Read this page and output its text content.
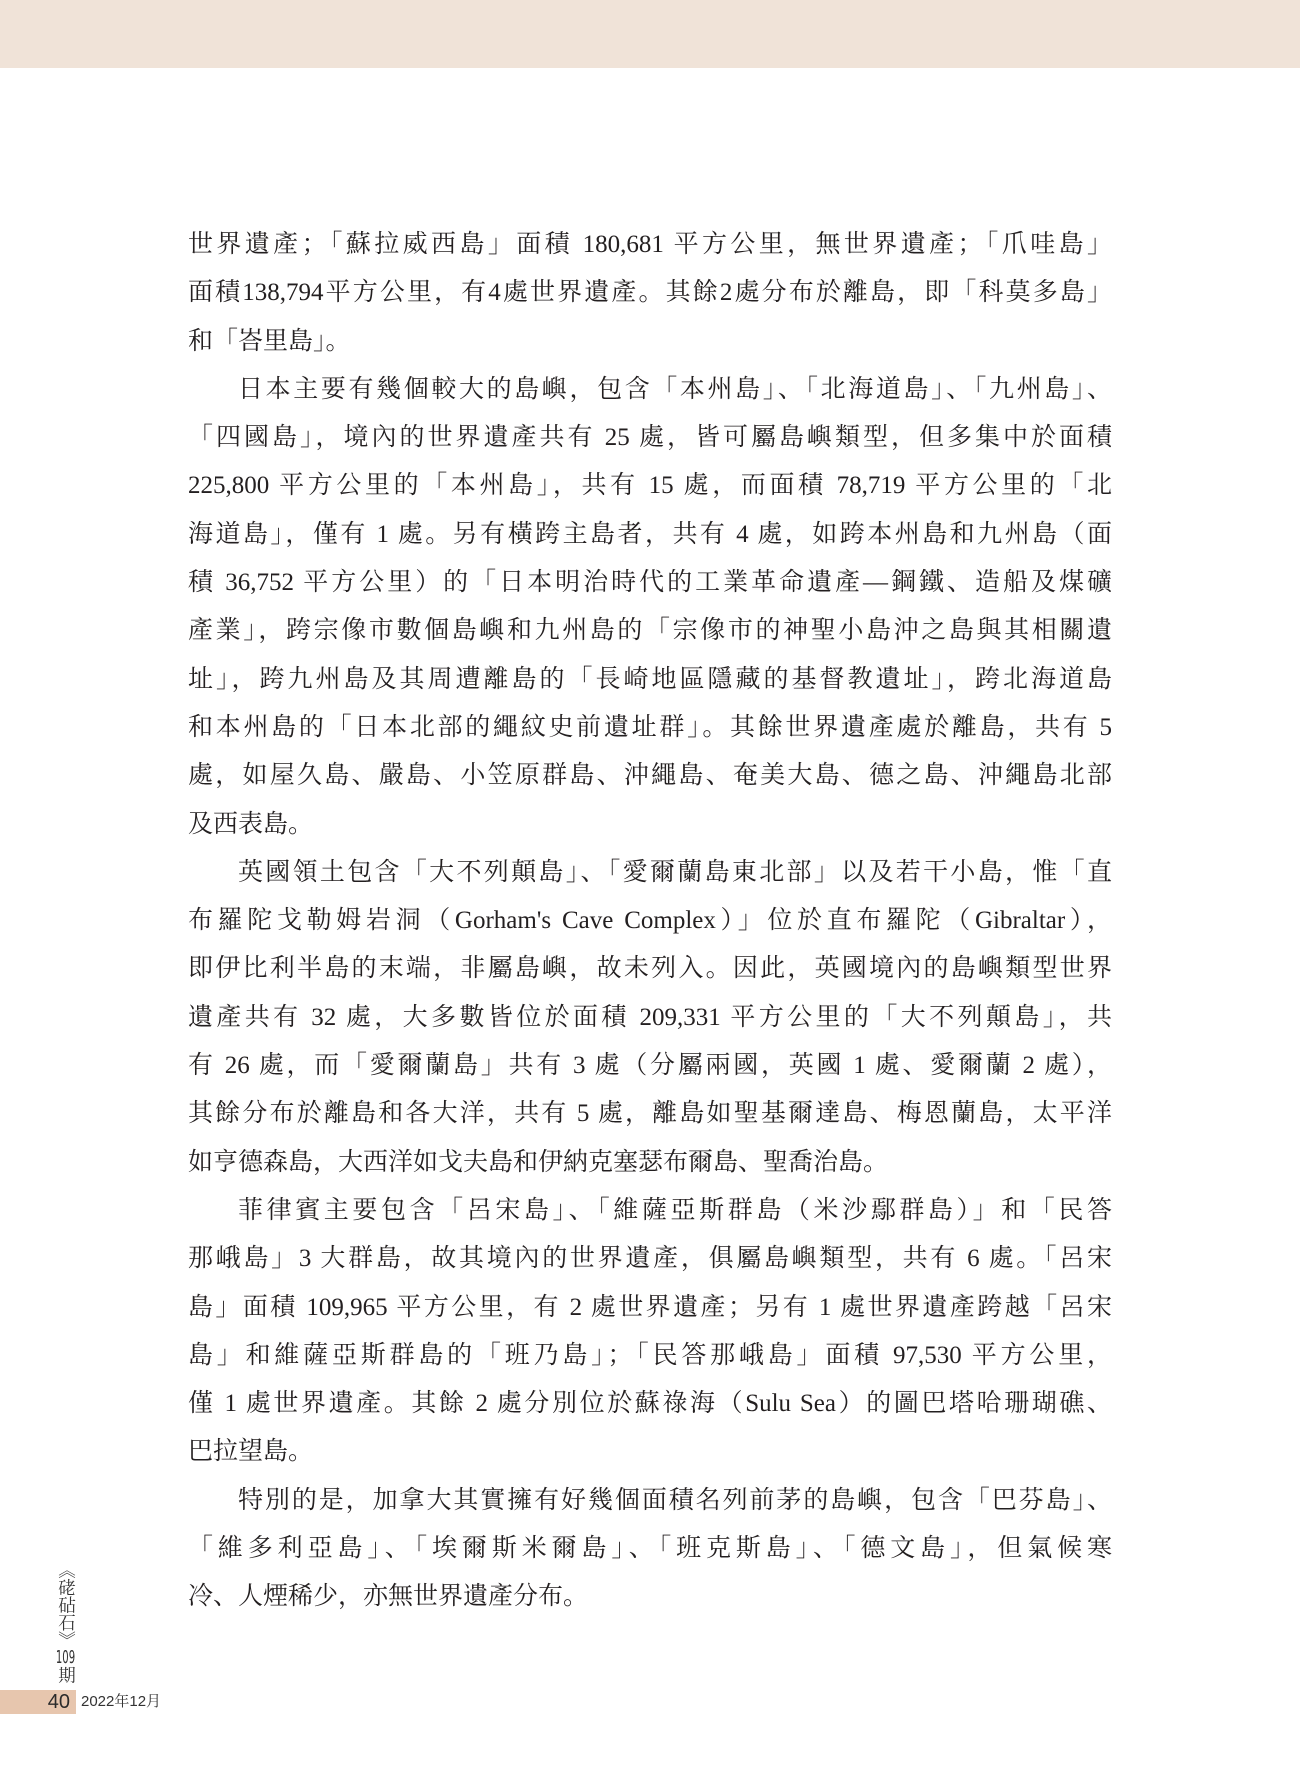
世界遺產；「蘇拉威西島」面積 180,681 平方公里，無世界遺產；「爪哇島」
面積138,794平方公里，有4處世界遺產。其餘2處分布於離島，即「科莫多島」
和「峇里島」。
日本主要有幾個較大的島嶼，包含「本州島」、「北海道島」、「九州島」、
「四國島」，境內的世界遺產共有 25 處，皆可屬島嶼類型，但多集中於面積
225,800 平方公里的「本州島」，共有 15 處，而面積 78,719 平方公里的「北
海道島」，僅有 1 處。另有橫跨主島者，共有 4 處，如跨本州島和九州島（面
積 36,752 平方公里）的「日本明治時代的工業革命遺產—鋼鐵、造船及煤礦
產業」，跨宗像市數個島嶼和九州島的「宗像市的神聖小島沖之島與其相關遺
址」，跨九州島及其周遭離島的「長崎地區隱藏的基督教遺址」，跨北海道島
和本州島的「日本北部的繩紋史前遺址群」。其餘世界遺產處於離島，共有 5
處，如屋久島、嚴島、小笠原群島、沖繩島、奄美大島、德之島、沖繩島北部
及西表島。
英國領土包含「大不列顛島」、「愛爾蘭島東北部」以及若干小島，惟「直
布羅陀戈勒姆岩洞（Gorham's Cave Complex）」位於直布羅陀（Gibraltar），
即伊比利半島的末端，非屬島嶼，故未列入。因此，英國境內的島嶼類型世界
遺產共有 32 處，大多數皆位於面積 209,331 平方公里的「大不列顛島」，共
有 26 處，而「愛爾蘭島」共有 3 處（分屬兩國，英國 1 處、愛爾蘭 2 處），
其餘分布於離島和各大洋，共有 5 處，離島如聖基爾達島、梅恩蘭島，太平洋
如亨德森島，大西洋如戈夫島和伊納克塞瑟布爾島、聖喬治島。
菲律賓主要包含「呂宋島」、「維薩亞斯群島（米沙鄢群島）」和「民答
那峨島」3 大群島，故其境內的世界遺產，俱屬島嶼類型，共有 6 處。「呂宋
島」面積 109,965 平方公里，有 2 處世界遺產；另有 1 處世界遺產跨越「呂宋
島」和維薩亞斯群島的「班乃島」；「民答那峨島」面積 97,530 平方公里，
僅 1 處世界遺產。其餘 2 處分別位於蘇祿海（Sulu Sea）的圖巴塔哈珊瑚礁、
巴拉望島。
特別的是，加拿大其實擁有好幾個面積名列前茅的島嶼，包含「巴芬島」、
「維多利亞島」、「埃爾斯米爾島」、「班克斯島」、「德文島」，但氣候寒
冷、人煙稀少，亦無世界遺產分布。
《硓砧石》109期
40 2022年12月
